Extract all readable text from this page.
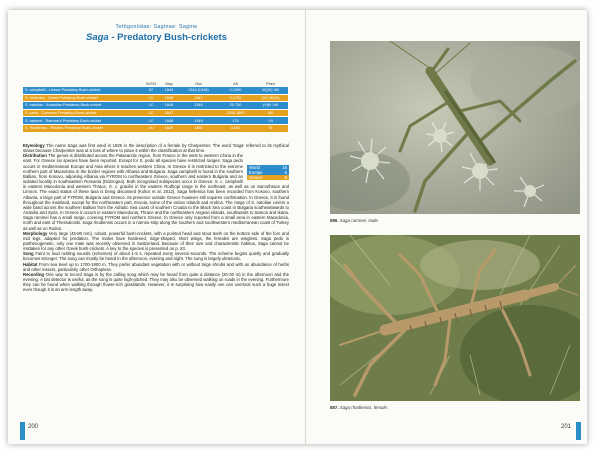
Tettigoniidae: Saginae: Sagine
Saga - Predatory Bush-crickets
	SI/CN	Map	Osc	Alt	Phen
S. campbelli - Lesser Predatory Bush-cricket	87	1644	1344 (1346)	0-1390	VI(VII) VIII
S. hellenica - Greek Predatory Bush-cricket	LC	1645	1347	0-1700	(VI) VII(IX)
S. natoliae - Anatolian Predatory Bush-cricket	LC	1646	1348	25-730	(VI)II VIII
S. pedo - Common Predatory Bush-cricket	LC	1647	-	1340-1690	VIII
S. rammei - Ramme's Predatory Bush-cricket	LC	1648	1349	175	VII
S. rhodiensis - Rhodes Predatory Bush-cricket	VU	1649	1350	0-600	VI

Etymology The name Saga was first used in 1825 in the description of a female by Charpentier. The word 'Saga' referred to its mythical status because Charpentier was at a loss of where to place it within the classification at that time.

World	15
Europe	6
Greece	6

Distribution The genus is distributed across the Palaearctic region, from France in the west to western China in the east. For Greece six species have been reported. Except for S. pedo all species have restricted ranges. Saga pedo occurs in mediterranean Europe and Asia where it reaches western China. In Greece it is restricted to the extreme northern part of Macedonia in the border regions with Albania and Bulgaria. Saga campbelli is found in the southern Balkan, from Kosovo, adjoining Albania via FYROM to northeastern Greece, southern and eastern Bulgaria and an isolated locality in southeastern Romania (Dobrogea). Both recognised subspecies occur in Greece: S. c. campbelli in eastern Macedonia and western Thrace, S. c. gracilis in the eastern Rodhopi range in the northeast, as well as on Samothrace and Limnos. The exact status of these taxa is being discussed (Kolics et al. 2012). Saga hellenica has been recorded from Kosovo, southern Albania, a large part of FYROM, Bulgaria and Greece. Its presence outside Greece however still requires confirmation. In Greece, it is found throughout the mainland, except for the northeastern part, Evvoia, some of the Ionian Islands and Andros. The range of S. natoliae covers a wide band across the southern Balkan from the Adriatic Sea coast of southern Croatia to the Black Sea coast in Bulgaria southeastwards to Anatolia and Syria. In Greece it occurs in eastern Macedonia, Thrace and the northeastern Aegean islands, southwards to Samos and Ikaria. Saga rammei has a small range, covering FYROM and northern Greece. In Greece only reported from a small area in eastern Macedonia, north and east of Thessaloniki. Saga rhodiensis occurs in a narrow strip along the southern and southwestern mediterranean coast of Turkey as well as on Rodos.

Morphology Very large (45-80 mm), robust, powerful bush-crickets, with a pointed head and stout teeth on the bottom side of the fore and mid legs, adapted for predation. The males have hardened, ridge-shaped, short wings, the females are wingless. Saga pedo is parthenogenetic, only one male was recently observed in Switzerland. Because of their size and characteristic habitus, Saga cannot be mistaken for any other Greek bush-crickets. A key to the species is presented on p. 83.

Song Faint to loud rustling sounds (echemes) of about 1-5 s, repeated every several seconds. The echeme begins quietly and gradually becomes stronger. The song can mostly be heard in the afternoon, evening and night. The song is largely ultrasonic.

Habitat From sea level up to 1700-1800 m. They prefer abundant vegetation with or without large shrubs and with an abundance of herbs and other insects, particularly other Orthoptera.

Recording One way to record Saga is by the calling song which may be heard from quite a distance (20-30 m) in the afternoon and the evening. A bat detector is useful, as the song is quite high-pitched. They may also be observed walking on roads in the evening. Furthermore they can be found when walking through flower-rich grasslands. However, it is surprising how easily one can overlook such a huge insect even though it is an arm length away.

200
886. Saga rammei, male.
887. Saga rhodiensis, female.
201
